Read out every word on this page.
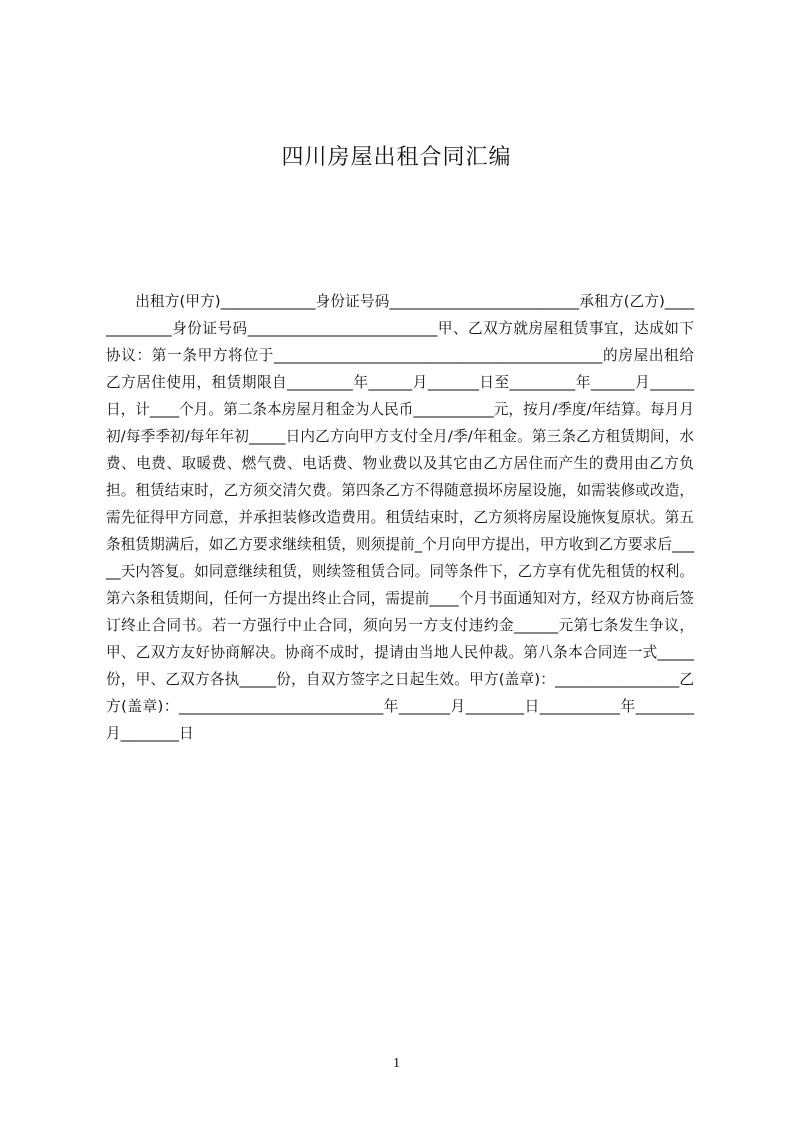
四川房屋出租合同汇编

出租方(甲方)_____________身份证号码__________________________承租方(乙方)_____________身份证号码__________________________甲、乙双方就房屋租赁事宜，达成如下协议：第一条甲方将位于_____________________________________________的房屋出租给乙方居住使用，租赁期限自_________年______月_______日至_________年______月______日，计____个月。第二条本房屋月租金为人民币___________元，按月/季度/年结算。每月月初/每季季初/每年年初_____日内乙方向甲方支付全月/季/年租金。第三条乙方租赁期间，水费、电费、取暖费、燃气费、电话费、物业费以及其它由乙方居住而产生的费用由乙方负担。租赁结束时，乙方须交清欠费。第四条乙方不得随意损坏房屋设施，如需装修或改造，需先征得甲方同意，并承担装修改造费用。租赁结束时，乙方须将房屋设施恢复原状。第五条租赁期满后，如乙方要求继续租赁，则须提前_个月向甲方提出，甲方收到乙方要求后_____天内答复。如同意继续租赁，则续签租赁合同。同等条件下，乙方享有优先租赁的权利。第六条租赁期间，任何一方提出终止合同，需提前____个月书面通知对方，经双方协商后签订终止合同书。若一方强行中止合同，须向另一方支付违约金______元第七条发生争议，甲、乙双方友好协商解决。协商不成时，提请由当地人民仲裁。第八条本合同连一式_____份，甲、乙双方各执_____份，自双方签字之日起生效。甲方(盖章)：_________________乙方(盖章)：____________________________年_______月________日___________年________月________日

1
